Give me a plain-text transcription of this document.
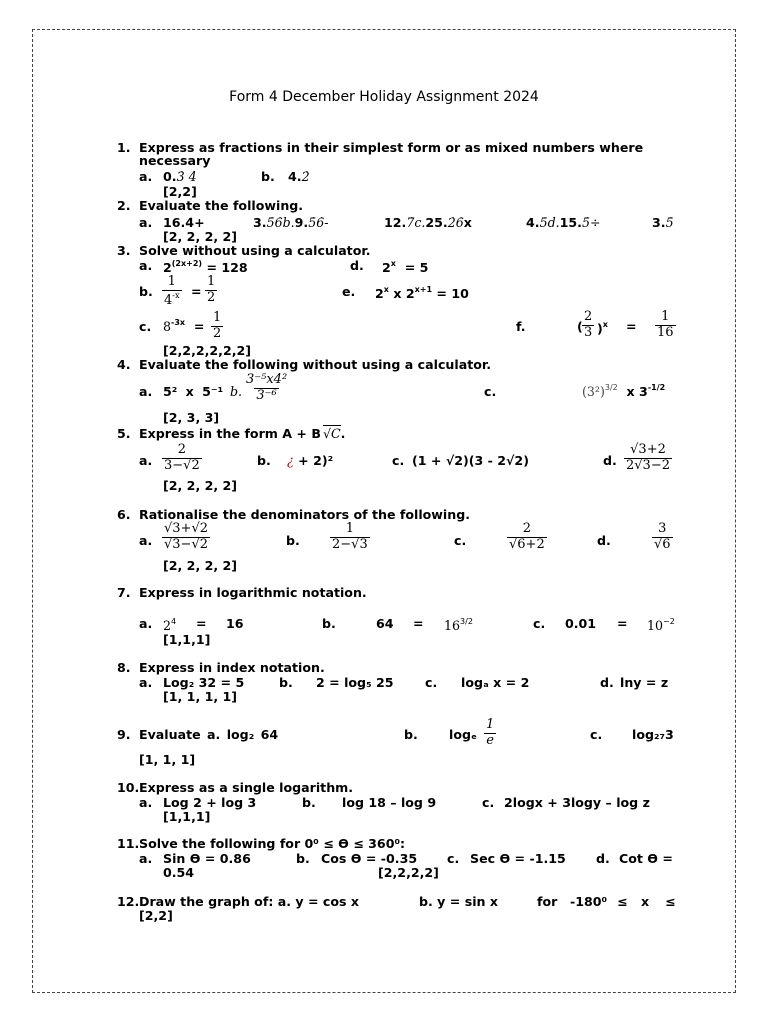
Form 4 December Holiday Assignment 2024
1. Express as fractions in their simplest form or as mixed numbers where
necessary
a. 0.3̇ 4̇	b. 4.2̇
[2,2]
2. Evaluate the following.
a. 16.4̇+	3.5̇6̇b.9.5̇6̇-	12.7̇c.25.2̇6̇x	4.5̇d.15.5̇÷	3.5̇
[2, 2, 2, 2]
3. Solve without using a calculator.
a. $2^{(2x+2)} = 128$	d. $2^x = 5$
b. $\frac{1}{4^{-x}} = \frac{1}{2}$	e. 2$^x$ x $2^{x+1} = 10$
c. $8^{-3x} = \frac{1}{2}$	f.	( $\frac{2}{3} )^x = \frac{1}{16}$
[2,2,2,2,2,2]
4. Evaluate the following without using a calculator.
a. 5² x 5⁻¹ b. $\frac{\text{3⁻⁵x4²}}{\text{3⁻⁶}}$	c.	$(3^2)^{3/2}$ x $3^{-1/2}$
[2, 3, 3]
5. Express in the form A + B √C.
a. $\frac{2}{3-√2}$	b. ¿ + 2)²	c. (1 + √2)(3 - 2√2)	d. $\frac{√3+2}{2√3-2}$
[2, 2, 2, 2]
6. Rationalise the denominators of the following.
a. $\frac{√3+√2}{√3-√2}$	b. $\frac{1}{2-√3}$	c.	$\frac{2}{√6+2}$	d.	$\frac{3}{√6}$
[2, 2, 2, 2]
7. Express in logarithmic notation.
a. $2^4 = 16$	b.	$64 = 16^{3/2}$	c. $0.01 = 10^{-2}$
[1,1,1]
8. Express in index notation.
a. Log₂ 32 = 5	b. 2 = log₅ 25	c. logₐ x = 2	d. lny = z
[1, 1, 1, 1]
9. Evaluate a. log₂ 64	b. logₑ $\frac{1}{e}$	c. log₂₇3
[1, 1, 1]
10. Express as a single logarithm.
a. Log 2 + log 3	b. log 18 – log 9	c. 2logx + 3logy – log z
[1,1,1]
11. Solve the following for 0⁰ ≤ ϴ ≤ 360⁰:
a. Sin ϴ = 0.86	b. Cos ϴ = -0.35 c. Sec ϴ = -1.15 d. Cot ϴ =
0.54	[2,2,2,2]
12. Draw the graph of: a. y = cos x	b. y = sin x	for -180⁰ ≤ x ≤
[2,2]
